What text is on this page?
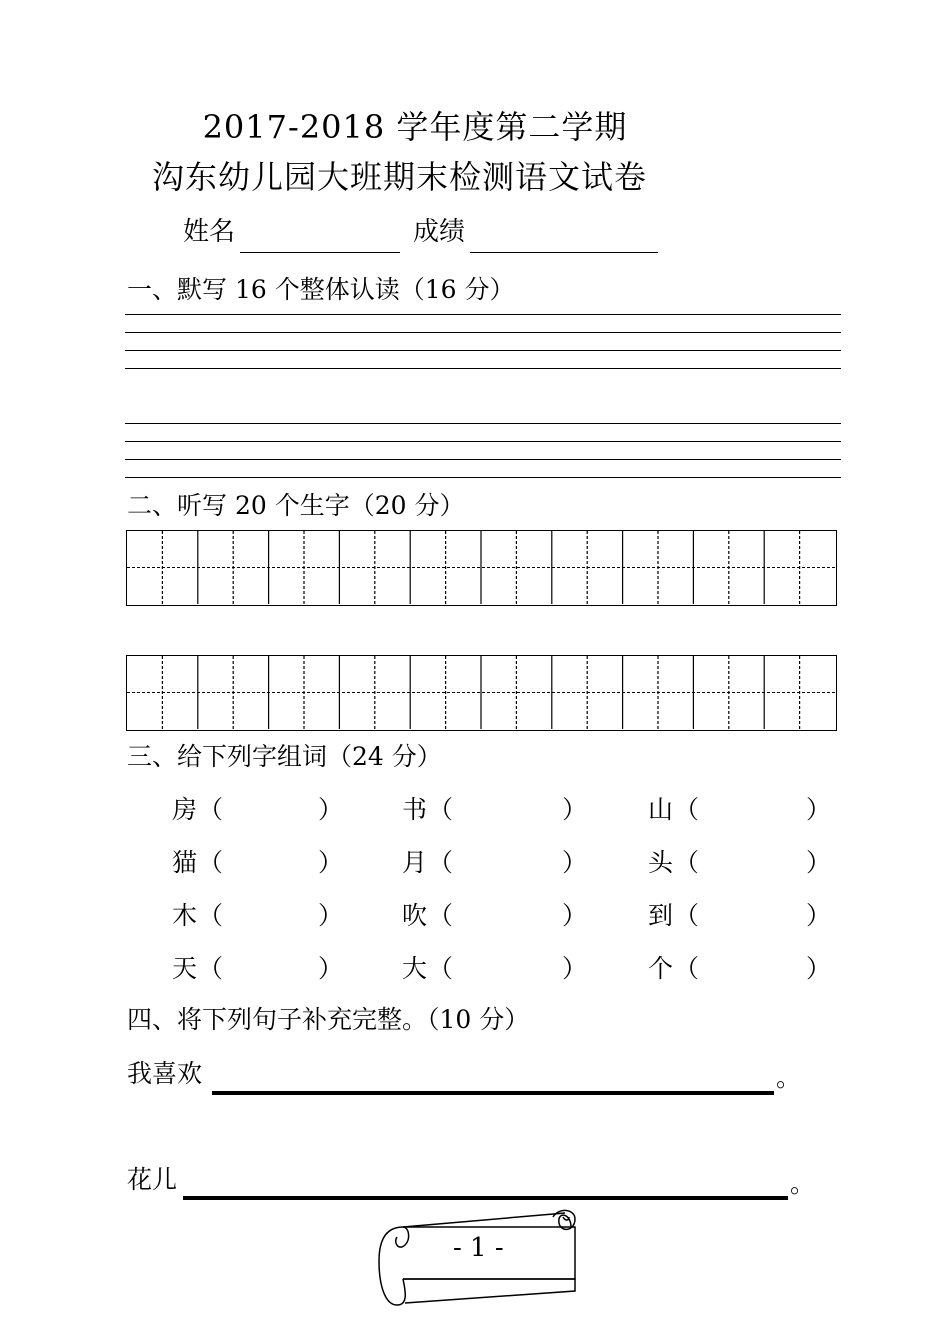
2017-2018 学年度第二学期
沟东幼儿园大班期末检测语文试卷
姓名	成绩
一、默写 16 个整体认读（16 分）
二、听写 20 个生字（20 分）
三、给下列字组词（24 分）
房 （	） 书 （	） 山 （	）
猫 （	） 月 （	） 头 （	）
木 （	） 吹 （	） 到 （	）
天 （	） 大 （	） 个 （	）
四、将下列句子补充完整。（10 分）
我喜欢	。
花儿	。
- 1 -
